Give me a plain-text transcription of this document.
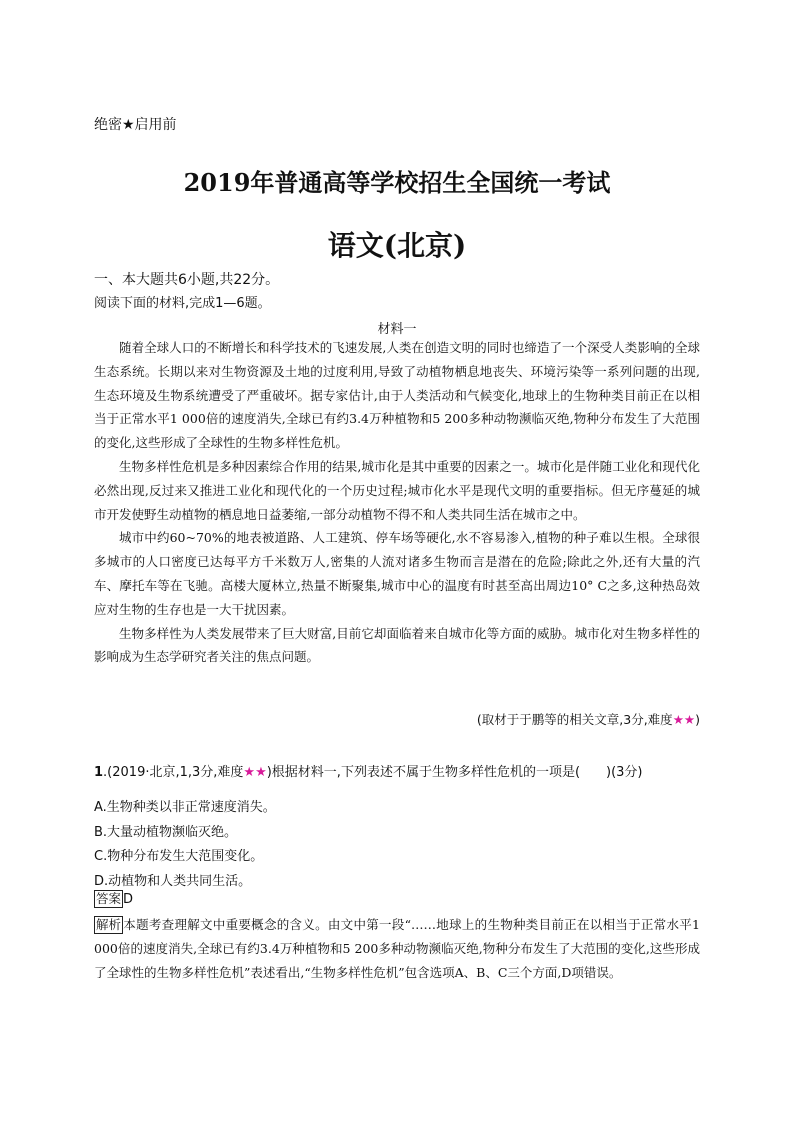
绝密★启用前
2019年普通高等学校招生全国统一考试
语文(北京)
一、本大题共6小题,共22分。
阅读下面的材料,完成1—6题。
材料一

随着全球人口的不断增长和科学技术的飞速发展,人类在创造文明的同时也缔造了一个深受人类影响的全球生态系统。长期以来对生物资源及土地的过度利用,导致了动植物栖息地丧失、环境污染等一系列问题的出现,生态环境及生物系统遭受了严重破坏。据专家估计,由于人类活动和气候变化,地球上的生物种类目前正在以相当于正常水平1 000倍的速度消失,全球已有约3.4万种植物和5 200多种动物濒临灭绝,物种分布发生了大范围的变化,这些形成了全球性的生物多样性危机。

生物多样性危机是多种因素综合作用的结果,城市化是其中重要的因素之一。城市化是伴随工业化和现代化必然出现,反过来又推进工业化和现代化的一个历史过程;城市化水平是现代文明的重要指标。但无序蔓延的城市开发使野生动植物的栖息地日益萎缩,一部分动植物不得不和人类共同生活在城市之中。

城市中约60~70%的地表被道路、人工建筑、停车场等硬化,水不容易渗入,植物的种子难以生根。全球很多城市的人口密度已达每平方千米数万人,密集的人流对诸多生物而言是潜在的危险;除此之外,还有大量的汽车、摩托车等在飞驰。高楼大厦林立,热量不断聚集,城市中心的温度有时甚至高出周边10° C之多,这种热岛效应对生物的生存也是一大干扰因素。

生物多样性为人类发展带来了巨大财富,目前它却面临着来自城市化等方面的威胁。城市化对生物多样性的影响成为生态学研究者关注的焦点问题。

(取材于于鹏等的相关文章,3分,难度★★)
1.(2019·北京,1,3分,难度★★)根据材料一,下列表述不属于生物多样性危机的一项是(　　)(3分)
A.生物种类以非正常速度消失。
B.大量动植物濒临灭绝。
C.物种分布发生大范围变化。
D.动植物和人类共同生活。
答案 D
解析 本题考查理解文中重要概念的含义。由文中第一段“……地球上的生物种类目前正在以相当于正常水平1 000倍的速度消失,全球已有约3.4万种植物和5 200多种动物濒临灭绝,物种分布发生了大范围的变化,这些形成了全球性的生物多样性危机”表述看出,“生物多样性危机”包含选项A、B、C三个方面,D项错误。
